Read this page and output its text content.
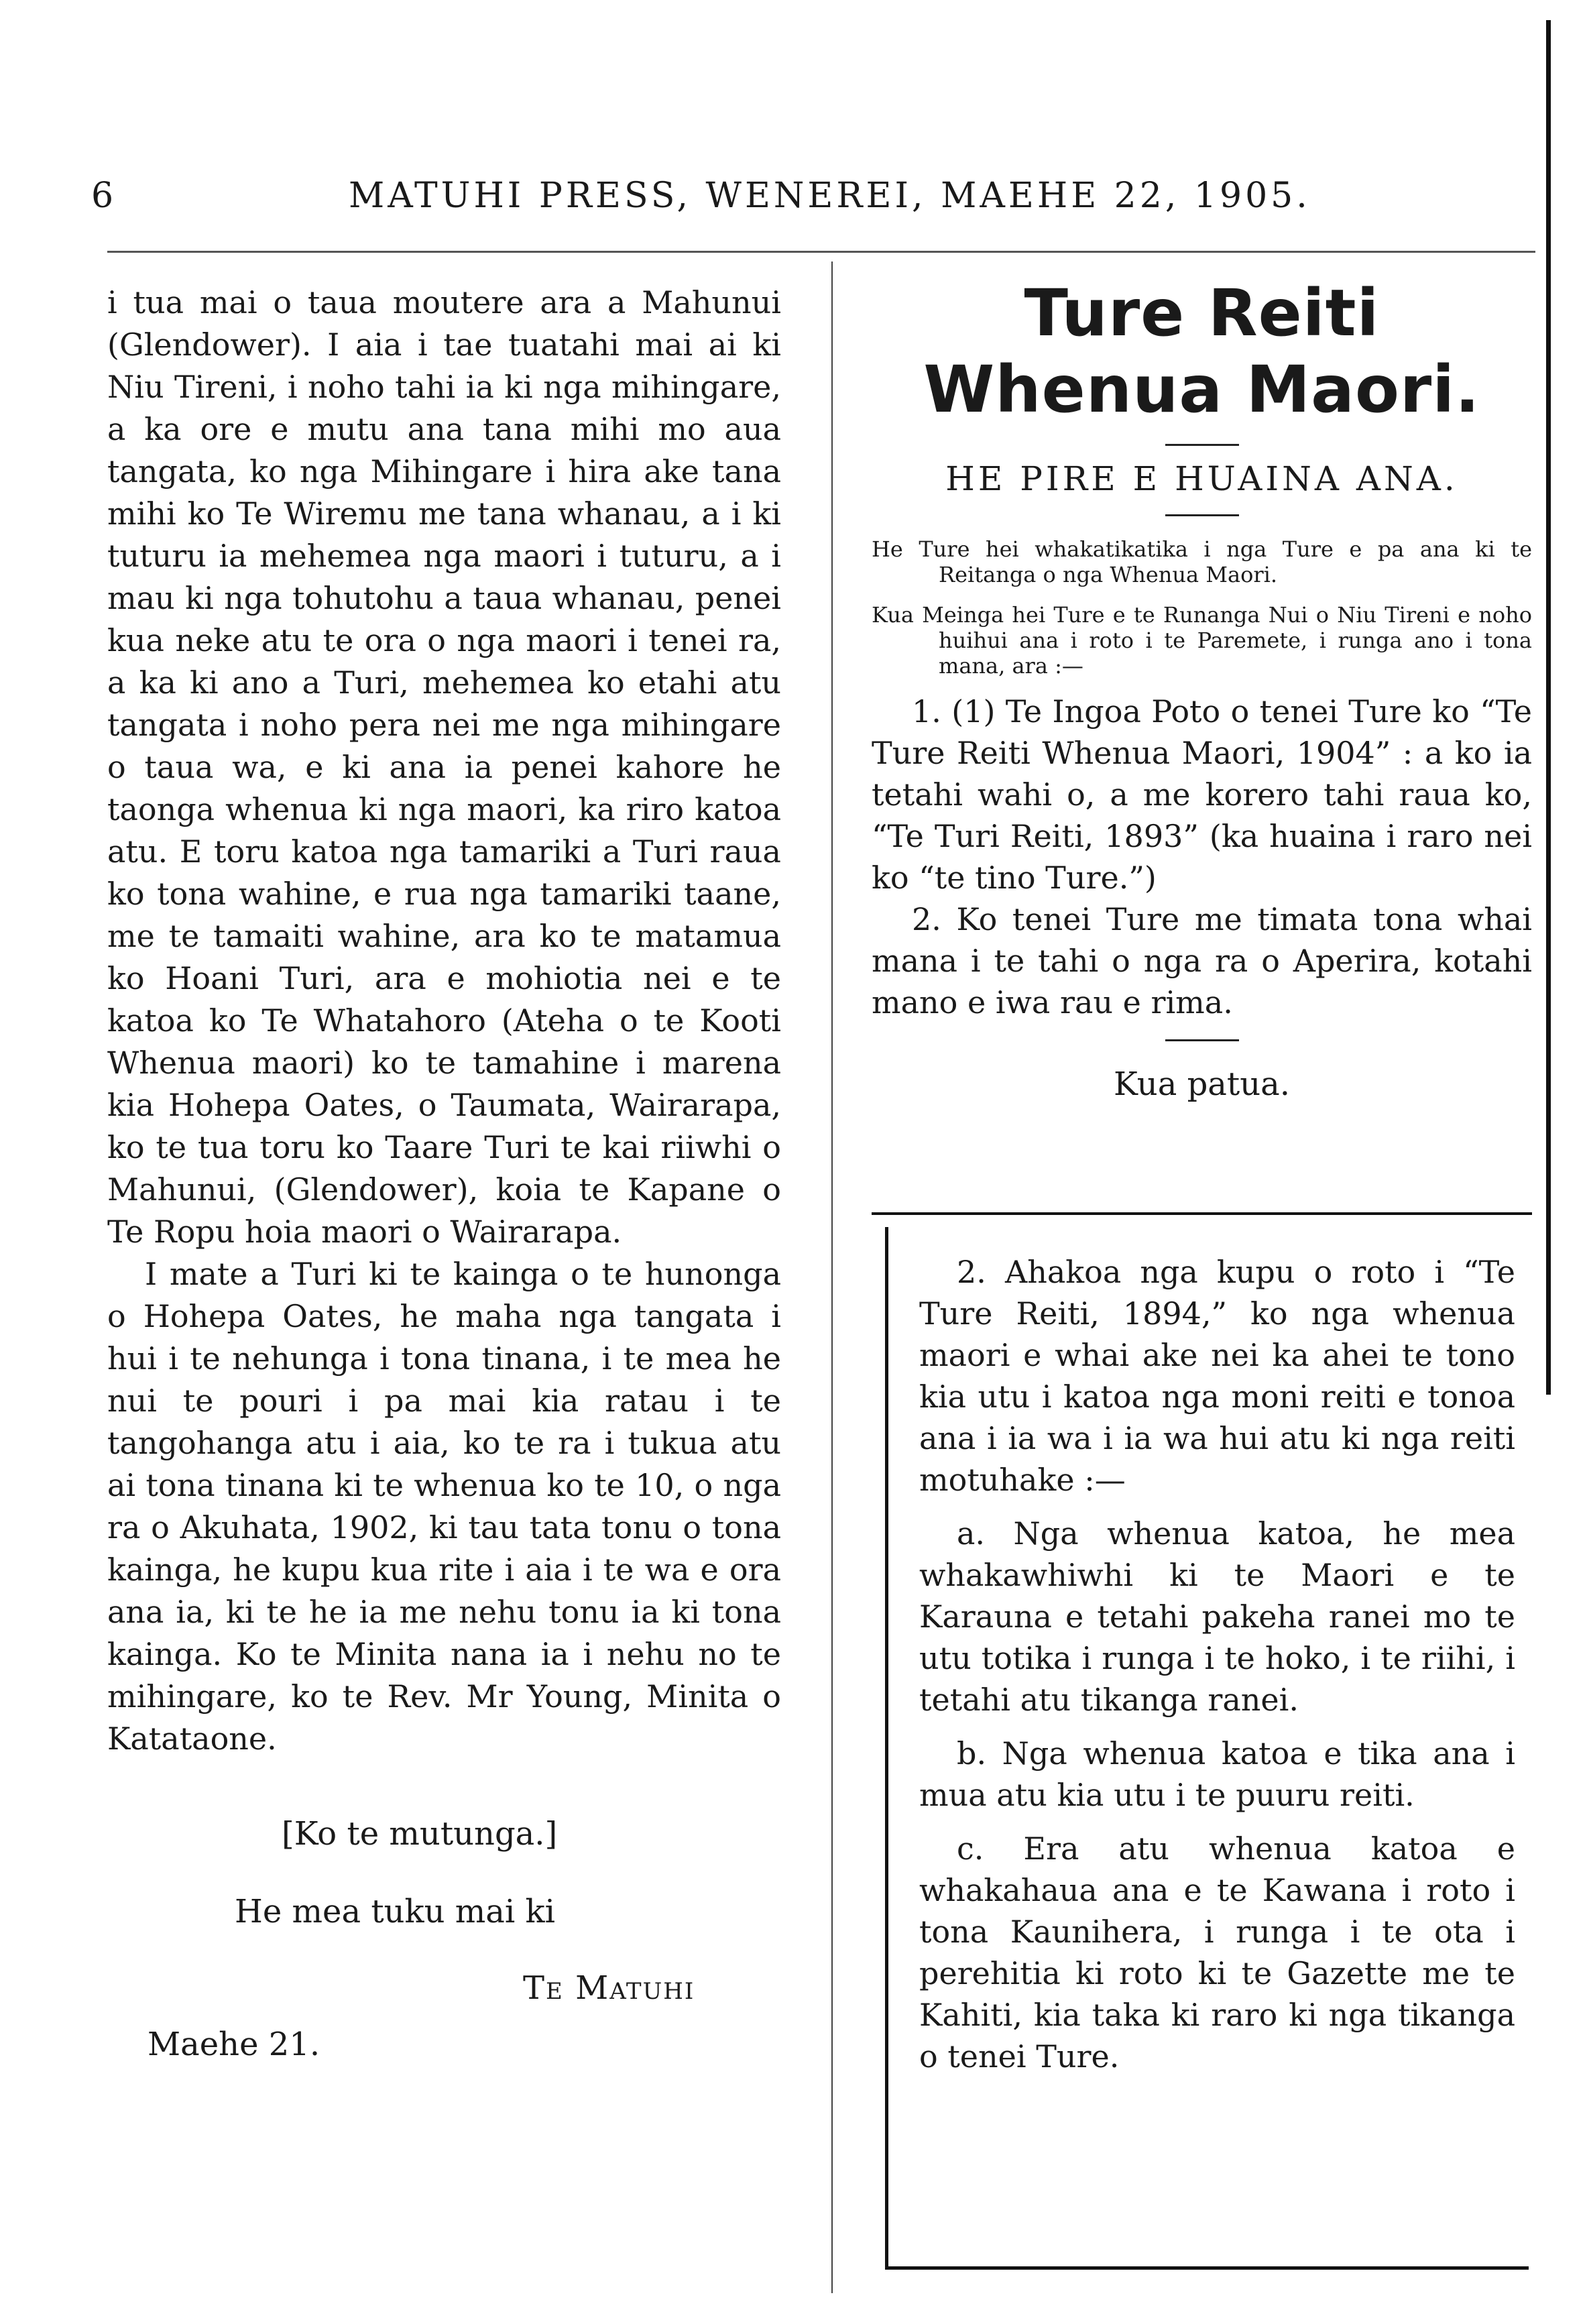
6	MATUHI PRESS, WENEREI, MAEHE 22, 1905.

i tua mai o taua moutere ara a Mahunui (Glendower). I aia i tae tuatahi mai ai ki Niu Tireni, i noho tahi ia ki nga mihingare, a ka ore e mutu ana tana mihi mo aua tangata, ko nga Mihingare i hira ake tana mihi ko Te Wiremu me tana whanau, a i ki tuturu ia mehemea nga maori i tuturu, a i mau ki nga tohutohu a taua whanau, penei kua neke atu te ora o nga maori i tenei ra, a ka ki ano a Turi, mehemea ko etahi atu tangata i noho pera nei me nga mihingare o taua wa, e ki ana ia penei kahore he taonga whenua ki nga maori, ka riro katoa atu. E toru katoa nga tamariki a Turi raua ko tona wahine, e rua nga tamariki taane, me te tamaiti wahine, ara ko te matamua ko Hoani Turi, ara e mohiotia nei e te katoa ko Te Whatahoro (Ateha o te Kooti Whenua maori) ko te tamahine i marena kia Hohepa Oates, o Taumata, Wairarapa, ko te tua toru ko Taare Turi te kai riiwhi o Mahunui, (Glendower), koia te Kapane o Te Ropu hoia maori o Wairarapa.

I mate a Turi ki te kainga o te hunonga o Hohepa Oates, he maha nga tangata i hui i te nehunga i tona tinana, i te mea he nui te pouri i pa mai kia ratau i te tangohanga atu i aia, ko te ra i tukua atu ai tona tinana ki te whenua ko te 10, o nga ra o Akuhata, 1902, ki tau tata tonu o tona kainga, he kupu kua rite i aia i te wa e ora ana ia, ki te he ia me nehu tonu ia ki tona kainga. Ko te Minita nana ia i nehu no te mihingare, ko te Rev. Mr Young, Minita o Katataone.

[Ko te mutunga.]
He mea tuku mai ki
Te Matuhi
Maehe 21.
Ture Reiti Whenua Maori.

HE PIRE E HUAINA ANA.

He Ture hei whakatikatika i nga Ture e pa ana ki te Reitanga o nga Whenua Maori.

Kua Meinga hei Ture e te Runanga Nui o Niu Tireni e noho huihui ana i roto i te Paremete, i runga ano i tona mana, ara :—

1. (1) Te Ingoa Poto o tenei Ture ko “Te Ture Reiti Whenua Maori, 1904” : a ko ia tetahi wahi o, a me korero tahi raua ko, “Te Turi Reiti, 1893” (ka huaina i raro nei ko “te tino Ture.”)

2. Ko tenei Ture me timata tona whai mana i te tahi o nga ra o Aperira, kotahi mano e iwa rau e rima.

Kua patua.

2. Ahakoa nga kupu o roto i “Te Ture Reiti, 1894,” ko nga whenua maori e whai ake nei ka ahei te tono kia utu i katoa nga moni reiti e tonoa ana i ia wa i ia wa hui atu ki nga reiti motuhake :—

a. Nga whenua katoa, he mea whakawhiwhi ki te Maori e te Karauna e tetahi pakeha ranei mo te utu totika i runga i te hoko, i te riihi, i tetahi atu tikanga ranei.

b. Nga whenua katoa e tika ana i mua atu kia utu i te puuru reiti.

c. Era atu whenua katoa e whakahaua ana e te Kawana i roto i tona Kaunihera, i runga i te ota i perehitia ki roto ki te Gazette me te Kahiti, kia taka ki raro ki nga tikanga o tenei Ture.
